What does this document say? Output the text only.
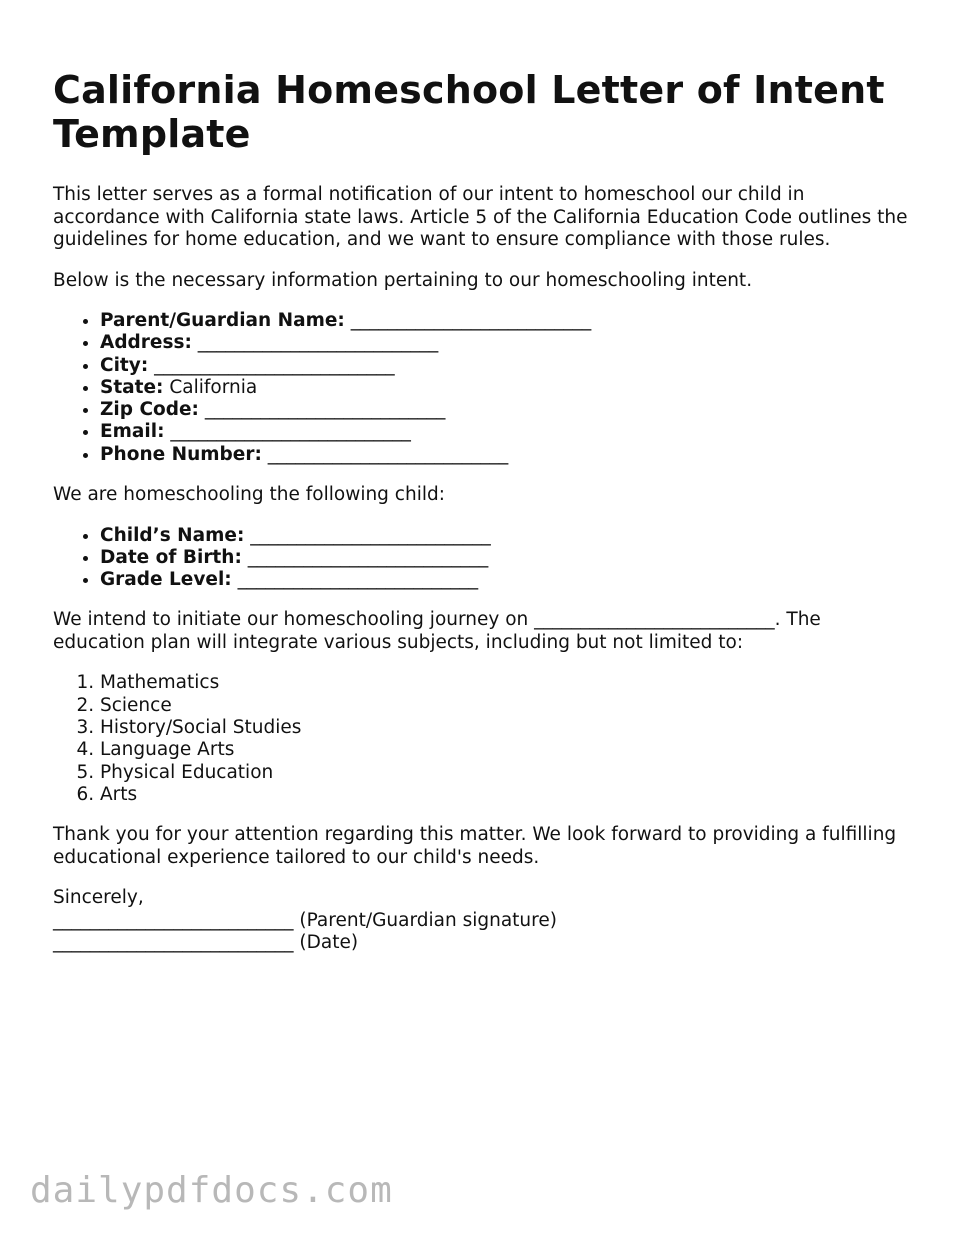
California Homeschool Letter of Intent Template

This letter serves as a formal notification of our intent to homeschool our child in accordance with California state laws. Article 5 of the California Education Code outlines the guidelines for home education, and we want to ensure compliance with those rules.

Below is the necessary information pertaining to our homeschooling intent.

• Parent/Guardian Name: __________________________
• Address: __________________________
• City: __________________________
• State: California
• Zip Code: __________________________
• Email: __________________________
• Phone Number: __________________________

We are homeschooling the following child:

• Child’s Name: __________________________
• Date of Birth: __________________________
• Grade Level: __________________________

We intend to initiate our homeschooling journey on __________________________. The education plan will integrate various subjects, including but not limited to:

1. Mathematics
2. Science
3. History/Social Studies
4. Language Arts
5. Physical Education
6. Arts

Thank you for your attention regarding this matter. We look forward to providing a fulfilling educational experience tailored to our child's needs.

Sincerely,
__________________________ (Parent/Guardian signature)
__________________________ (Date)
dailypdfdocs.com
